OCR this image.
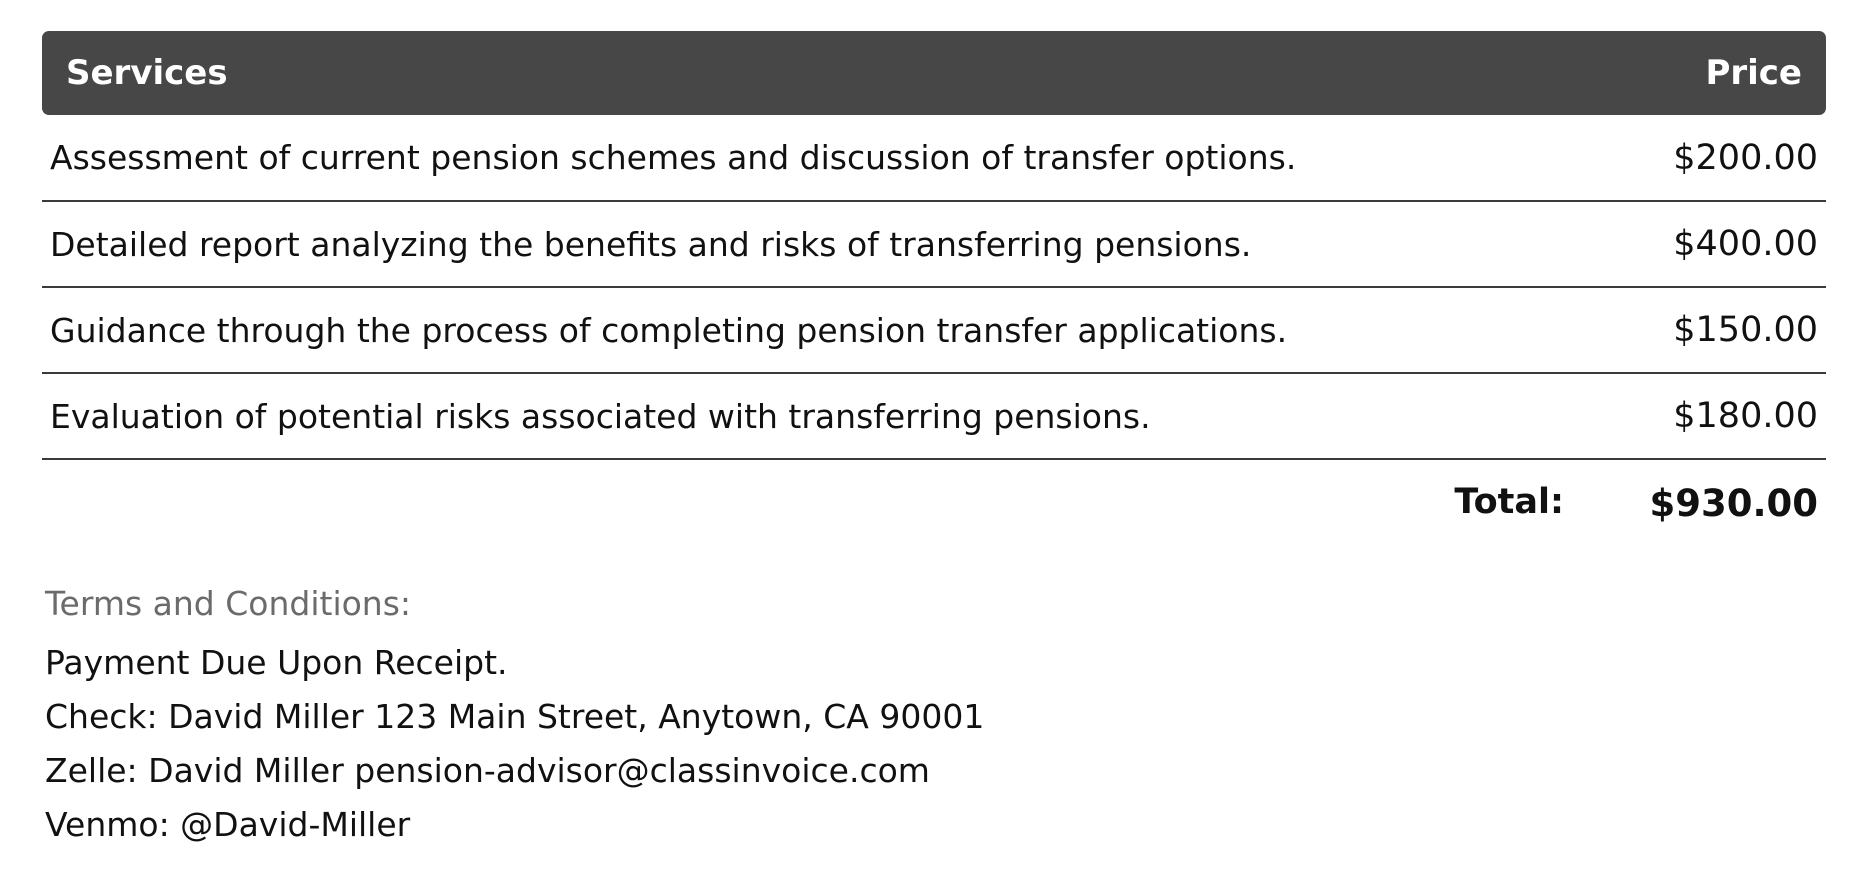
Services	Price
Assessment of current pension schemes and discussion of transfer options.	$200.00
Detailed report analyzing the benefits and risks of transferring pensions.	$400.00
Guidance through the process of completing pension transfer applications.	$150.00
Evaluation of potential risks associated with transferring pensions.	$180.00
Total: $930.00
Terms and Conditions:
Payment Due Upon Receipt.
Check: David Miller 123 Main Street, Anytown, CA 90001
Zelle: David Miller pension-advisor@classinvoice.com
Venmo: @David-Miller
